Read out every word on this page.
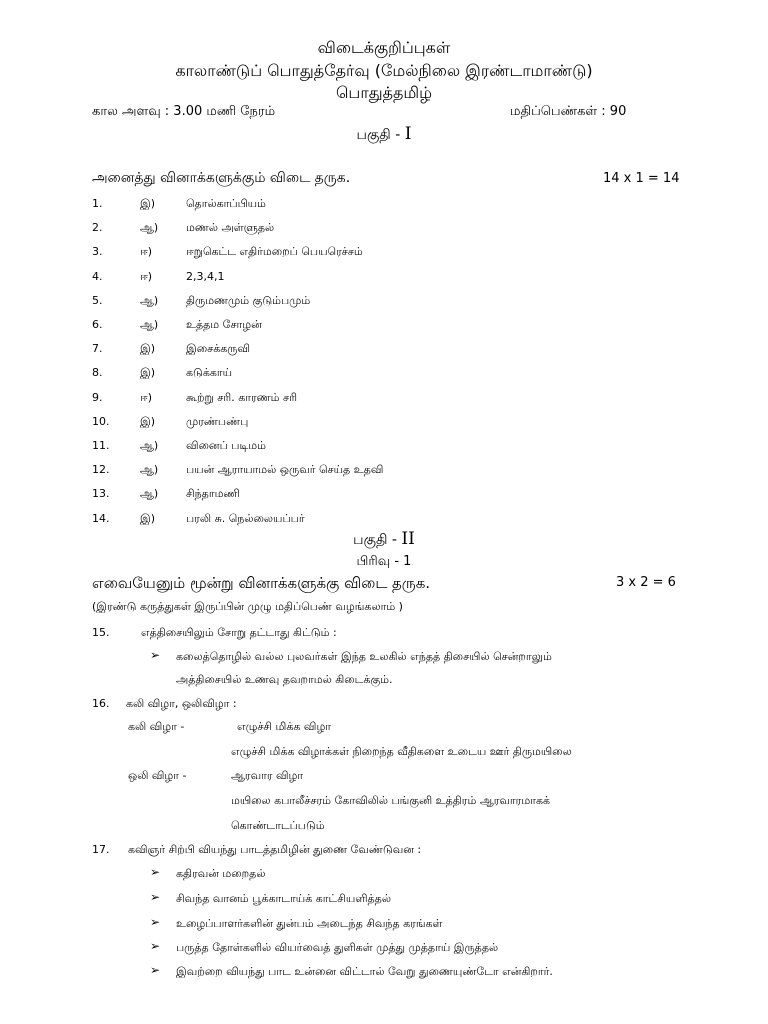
விடைக்குறிப்புகள்
காலாண்டுப் பொதுத்தேர்வு (மேல்நிலை இரண்டாமாண்டு)
பொதுத்தமிழ்
கால அளவு : 3.00 மணி நேரம்	மதிப்பெண்கள் : 90
பகுதி - I
அனைத்து வினாக்களுக்கும் விடை தருக.	14 x 1 = 14
1.	இ)	தொல்காப்பியம்
2.	ஆ)	மணல் அள்ளுதல்
3.	ஈ)	ஈறுகெட்ட எதிர்மறைப் பெயரெச்சம்
4.	ஈ)	2,3,4,1
5.	ஆ)	திருமணமும் குடும்பமும்
6.	ஆ)	உத்தம சோழன்
7.	இ)	இசைக்கருவி
8.	இ)	கடுக்காய்
9.	ஈ)	கூற்று சரி. காரணம் சரி
10.	இ)	முரண்பண்பு
11.	ஆ)	வினைப் படிமம்
12.	ஆ)	பயன் ஆராயாமல் ஒருவர் செய்த உதவி
13.	ஆ)	சிந்தாமணி
14.	இ)	பரலி சு. நெல்லையப்பர்
பகுதி - II
பிரிவு - 1
எவையேனும் மூன்று வினாக்களுக்கு விடை தருக.	3 x 2 = 6
(இரண்டு கருத்துகள் இருப்பின் முழு மதிப்பெண் வழங்கலாம் )
15.	எத்திசையிலும் சோறு தட்டாது கிட்டும் :
➢ கலைத்தொழில் வல்ல புலவர்கள் இந்த உலகில் எந்தத் திசையில் சென்றாலும்
அத்திசையில் உணவு தவறாமல் கிடைக்கும்.
16. கலி விழா, ஒலிவிழா :
கலி விழா -	எழுச்சி மிக்க விழா
எழுச்சி மிக்க விழாக்கள் நிறைந்த வீதிகளை உடைய ஊர் திருமயிலை
ஒலி விழா -	ஆரவார விழா
மயிலை கபாலீச்சரம் கோவிலில் பங்குனி உத்திரம் ஆரவாரமாகக்
கொண்டாடப்படும்
17. கவிஞர் சிற்பி வியந்து பாடத்தமிழின் துணை வேண்டுவன :
➢ கதிரவன் மறைதல்
➢ சிவந்த வானம் பூக்காடாய்க் காட்சியளித்தல்
➢ உழைப்பாளர்களின் துன்பம் அடைந்த சிவந்த கரங்கள்
➢ பருத்த தோள்களில் வியர்வைத் துளிகள் முத்து முத்தாய் இருத்தல்
➢ இவற்றை வியந்து பாட உன்னை விட்டால் வேறு துணையுண்டோ என்கிறார்.
